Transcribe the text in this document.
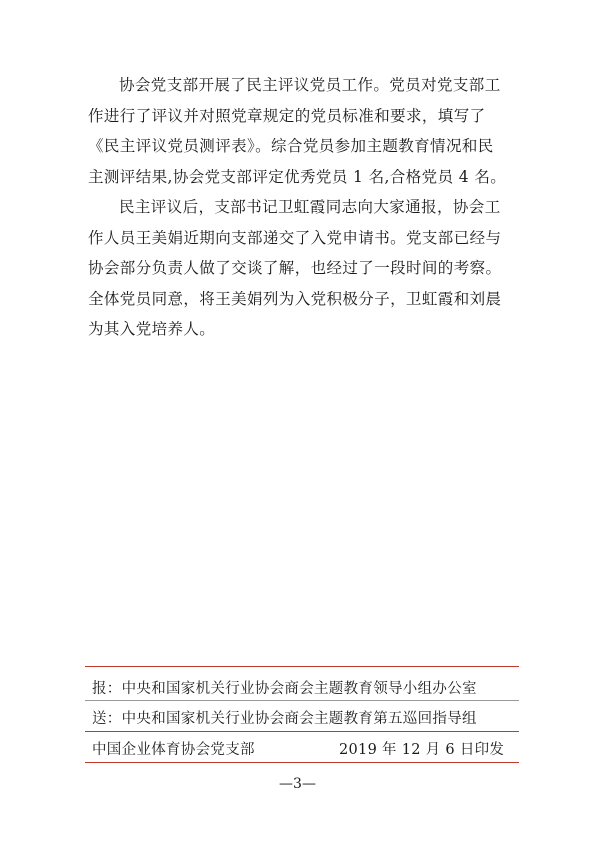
协会党支部开展了民主评议党员工作。党员对党支部工
作进行了评议并对照党章规定的党员标准和要求，填写了
《民主评议党员测评表》。综合党员参加主题教育情况和民
主测评结果,协会党支部评定优秀党员 1 名,合格党员 4 名。

民主评议后，支部书记卫虹霞同志向大家通报，协会工
作人员王美娟近期向支部递交了入党申请书。党支部已经与
协会部分负责人做了交谈了解，也经过了一段时间的考察。
全体党员同意，将王美娟列为入党积极分子，卫虹霞和刘晨
为其入党培养人。

报：中央和国家机关行业协会商会主题教育领导小组办公室
送：中央和国家机关行业协会商会主题教育第五巡回指导组
中国企业体育协会党支部	2019 年 12 月 6 日印发
—3—
